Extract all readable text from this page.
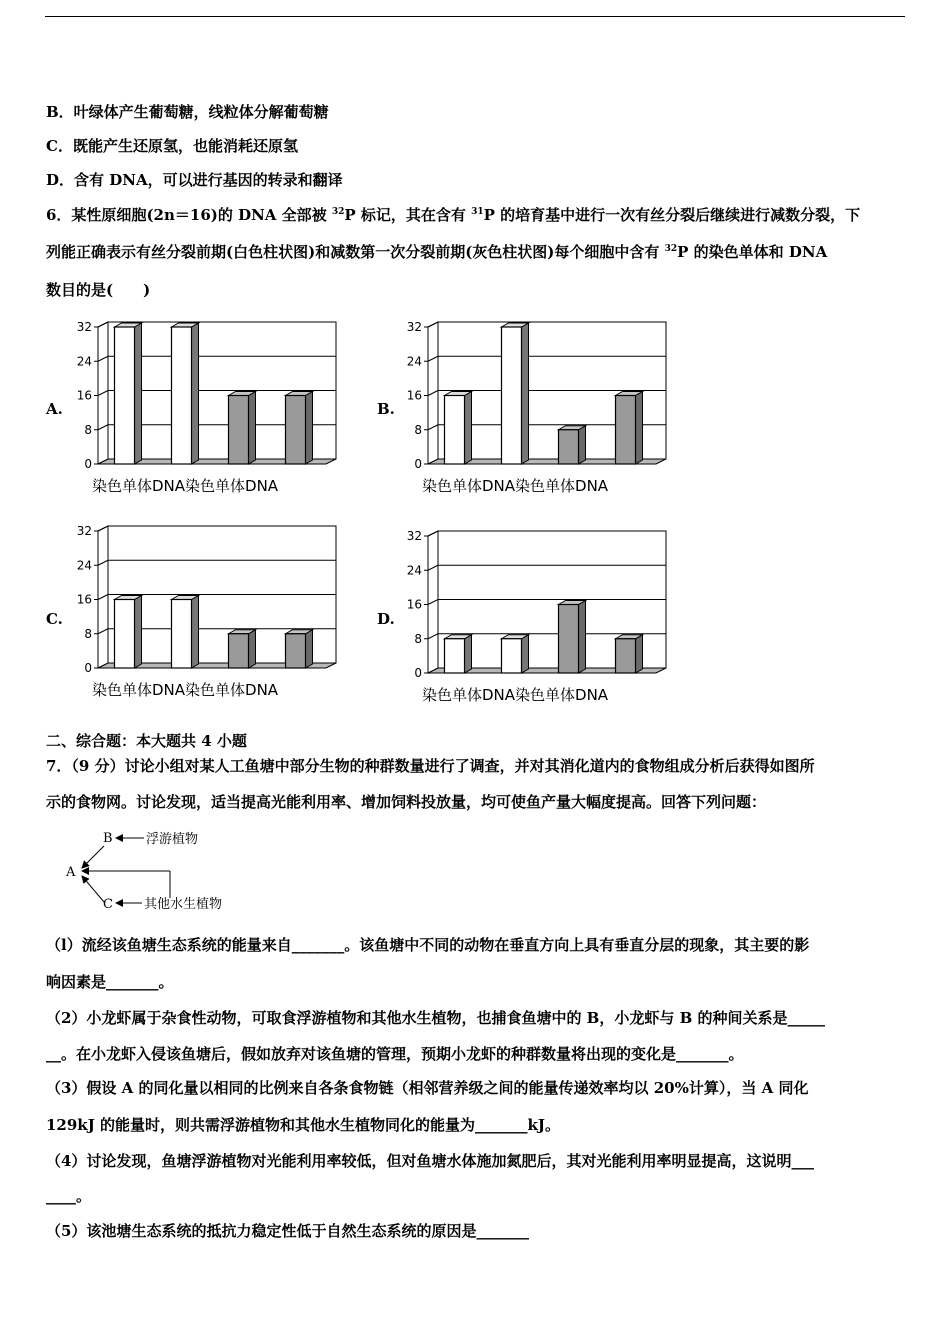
B．叶绿体产生葡萄糖，线粒体分解葡萄糖
C．既能产生还原氢，也能消耗还原氢
D．含有 DNA，可以进行基因的转录和翻译
6．某性原细胞(2n＝16)的 DNA 全部被 $^{32}$P 标记，其在含有 $^{31}$P 的培育基中进行一次有丝分裂后继续进行减数分裂，下
列能正确表示有丝分裂前期(白色柱状图)和减数第一次分裂前期(灰色柱状图)每个细胞中含有 $^{32}$P 的染色单体和 DNA
数目的是(　　)
A.	B.
C.	D.
32
24
16
8
0
染色单体DNA染色单体DNA
32
24
16
8
0
染色单体DNA染色单体DNA
32
24
16
8
0
染色单体DNA染色单体DNA
32
24
16
8
0
染色单体DNA染色单体DNA
二、综合题：本大题共 4 小题
7．（9 分）讨论小组对某人工鱼塘中部分生物的种群数量进行了调查，并对其消化道内的食物组成分析后获得如图所
示的食物网。讨论发现，适当提高光能利用率、增加饲料投放量，均可使鱼产量大幅度提高。回答下列问题：
B	浮游植物
A
C 其他水生植物
（l）流经该鱼塘生态系统的能量来自_______。该鱼塘中不同的动物在垂直方向上具有垂直分层的现象，其主要的影
响因素是_______。
（2）小龙虾属于杂食性动物，可取食浮游植物和其他水生植物，也捕食鱼塘中的 B，小龙虾与 B 的种间关系是_____
__。在小龙虾入侵该鱼塘后，假如放弃对该鱼塘的管理，预期小龙虾的种群数量将出现的变化是_______。
（3）假设 A 的同化量以相同的比例来自各条食物链（相邻营养级之间的能量传递效率均以 20%计算），当 A 同化
129kJ 的能量时，则共需浮游植物和其他水生植物同化的能量为_______kJ。
（4）讨论发现，鱼塘浮游植物对光能利用率较低，但对鱼塘水体施加氮肥后，其对光能利用率明显提高，这说明___
____。
（5）该池塘生态系统的抵抗力稳定性低于自然生态系统的原因是_______
